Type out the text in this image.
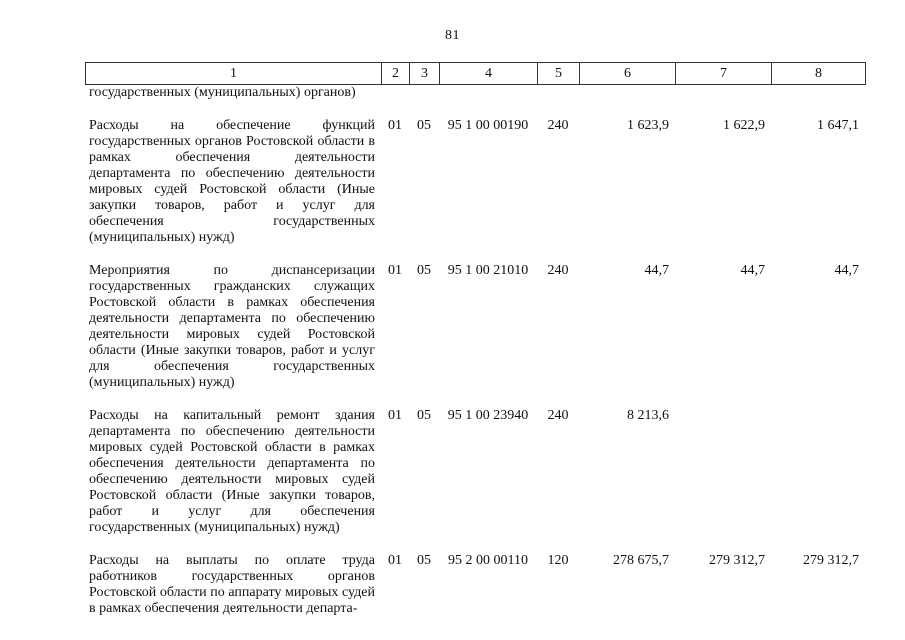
81
1	2	3	4	5	6	7	8
государственных (муниципальных) органов)							
Расходы на обеспечение функций государственных органов Ростовской области в рамках обеспечения деятельности департамента по обеспечению деятельности мировых судей Ростовской области (Иные закупки товаров, работ и услуг для обеспечения государственных (муниципальных) нужд)	01	05	95 1 00 00190	240	1 623,9	1 622,9	1 647,1
Мероприятия по диспансеризации государственных гражданских служащих Ростовской области в рамках обеспечения деятельности департамента по обеспечению деятельности мировых судей Ростовской области (Иные закупки товаров, работ и услуг для обеспечения государственных (муниципальных) нужд)	01	05	95 1 00 21010	240	44,7	44,7	44,7
Расходы на капитальный ремонт здания департамента по обеспечению деятельности мировых судей Ростовской области в рамках обеспечения деятельности департамента по обеспечению деятельности мировых судей Ростовской области (Иные закупки товаров, работ и услуг для обеспечения государственных (муниципальных) нужд)	01	05	95 1 00 23940	240	8 213,6		
Расходы на выплаты по оплате труда работников государственных органов Ростовской области по аппарату мировых судей в рамках обеспечения деятельности департа-	01	05	95 2 00 00110	120	278 675,7	279 312,7	279 312,7
